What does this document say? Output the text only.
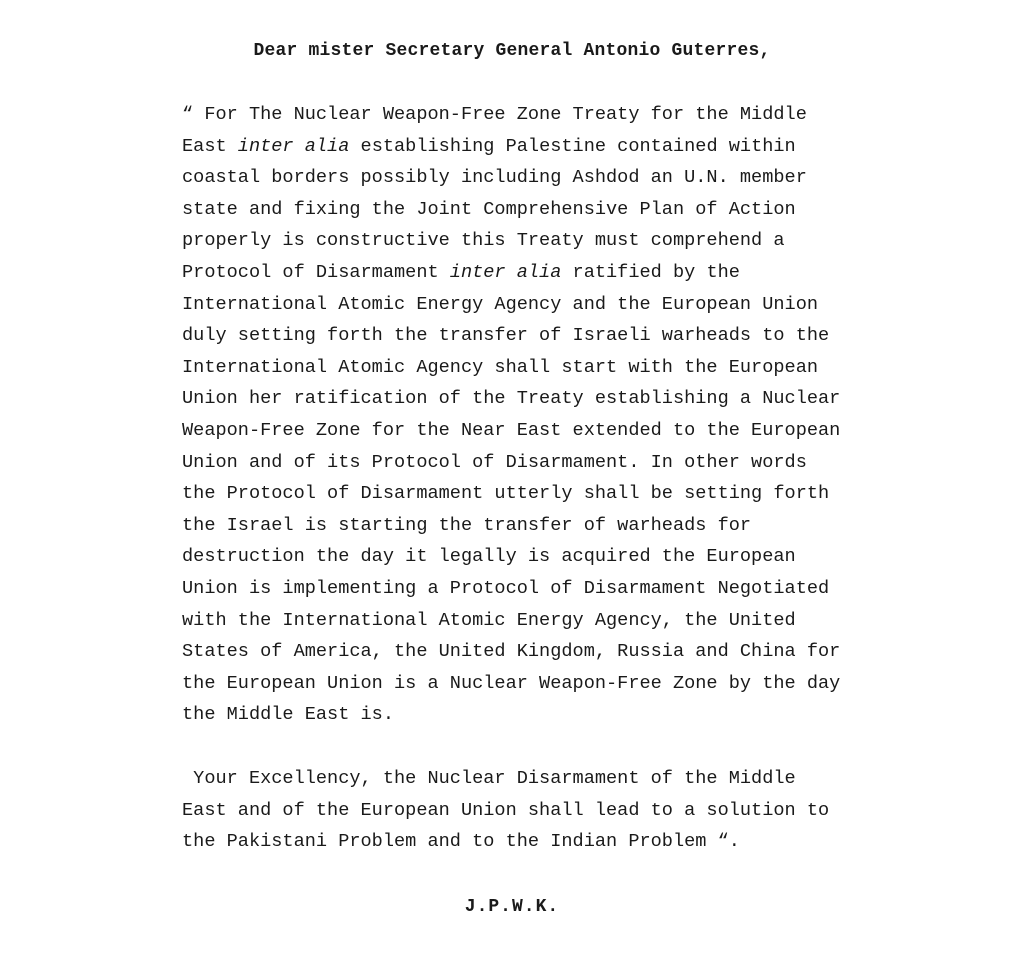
Dear mister Secretary General Antonio Guterres,
“ For The Nuclear Weapon-Free Zone Treaty for the Middle
East inter alia establishing Palestine contained within
coastal borders possibly including Ashdod an U.N. member
state and fixing the Joint Comprehensive Plan of Action
properly is constructive this Treaty must comprehend a
Protocol of Disarmament inter alia ratified by the
International Atomic Energy Agency and the European Union
duly setting forth the transfer of Israeli warheads to the
International Atomic Agency shall start with the European
Union her ratification of the Treaty establishing a Nuclear
Weapon-Free Zone for the Near East extended to the European
Union and of its Protocol of Disarmament. In other words
the Protocol of Disarmament utterly shall be setting forth
the Israel is starting the transfer of warheads for
destruction the day it legally is acquired the European
Union is implementing a Protocol of Disarmament Negotiated
with the International Atomic Energy Agency, the United
States of America, the United Kingdom, Russia and China for
the European Union is a Nuclear Weapon-Free Zone by the day
the Middle East is.
Your Excellency, the Nuclear Disarmament of the Middle
East and of the European Union shall lead to a solution to
the Pakistani Problem and to the Indian Problem “.
J.P.W.K.
